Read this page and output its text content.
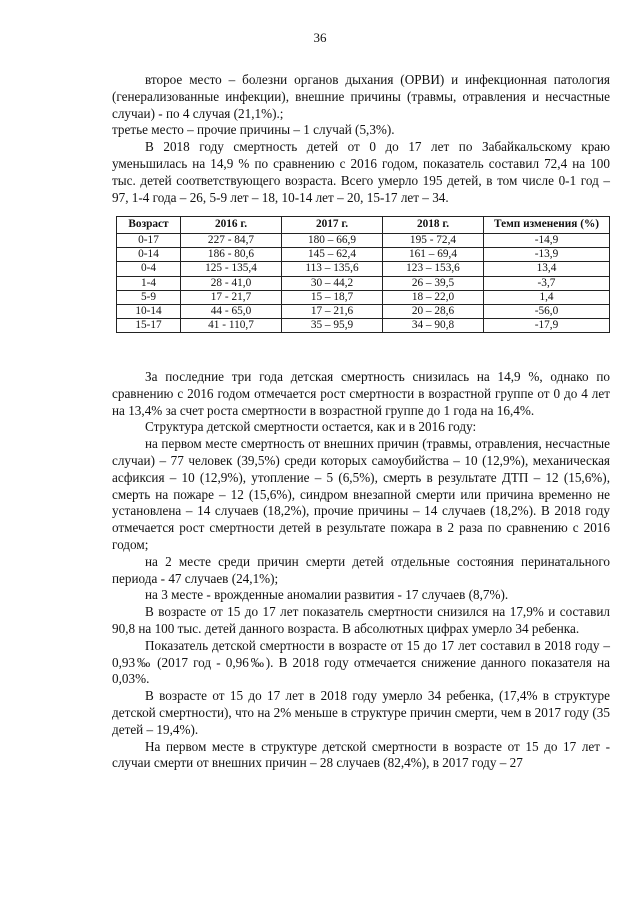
36

второе место – болезни органов дыхания (ОРВИ) и инфекционная патология (генерализованные инфекции), внешние причины (травмы, отравления и несчастные случаи) - по 4 случая (21,1%).;

третье место – прочие причины – 1 случай (5,3%).

В 2018 году смертность детей от 0 до 17 лет по Забайкальскому краю уменьшилась на 14,9 % по сравнению с 2016 годом, показатель составил 72,4 на 100 тыс. детей соответствующего возраста. Всего умерло 195 детей, в том числе 0-1 год – 97, 1-4 года – 26, 5-9 лет – 18, 10-14 лет – 20, 15-17 лет – 34.

Возраст	2016 г.	2017 г.	2018 г.	Темп изменения (%)
0-17	227 - 84,7	180 – 66,9	195 - 72,4	-14,9
0-14	186 - 80,6	145 – 62,4	161 – 69,4	-13,9
0-4	125 - 135,4	113 – 135,6	123 – 153,6	13,4
1-4	28 - 41,0	30 – 44,2	26 – 39,5	-3,7
5-9	17 - 21,7	15 – 18,7	18 – 22,0	1,4
10-14	44 - 65,0	17 – 21,6	20 – 28,6	-56,0
15-17	41 - 110,7	35 – 95,9	34 – 90,8	-17,9

За последние три года детская смертность снизилась на 14,9 %, однако по сравнению с 2016 годом отмечается рост смертности в возрастной группе от 0 до 4 лет на 13,4% за счет роста смертности в возрастной группе до 1 года на 16,4%.

Структура детской смертности остается, как и в 2016 году:

на первом месте смертность от внешних причин (травмы, отравления, несчастные случаи) – 77 человек (39,5%) среди которых самоубийства – 10 (12,9%), механическая асфиксия – 10 (12,9%), утопление – 5 (6,5%), смерть в результате ДТП – 12 (15,6%), смерть на пожаре – 12 (15,6%), синдром внезапной смерти или причина временно не установлена – 14 случаев (18,2%), прочие причины – 14 случаев (18,2%). В 2018 году отмечается рост смертности детей в результате пожара в 2 раза по сравнению с 2016 годом;

на 2 месте среди причин смерти детей отдельные состояния перинатального периода - 47 случаев (24,1%);

на 3 месте - врожденные аномалии развития - 17 случаев (8,7%).

В возрасте от 15 до 17 лет показатель смертности снизился на 17,9% и составил 90,8 на 100 тыс. детей данного возраста. В абсолютных цифрах умерло 34 ребенка.

Показатель детской смертности в возрасте от 15 до 17 лет составил в 2018 году – 0,93‰ (2017 год - 0,96‰). В 2018 году отмечается снижение данного показателя на 0,03%.

В возрасте от 15 до 17 лет в 2018 году умерло 34 ребенка, (17,4% в структуре детской смертности), что на 2% меньше в структуре причин смерти, чем в 2017 году (35 детей – 19,4%).

На первом месте в структуре детской смертности в возрасте от 15 до 17 лет - случаи смерти от внешних причин – 28 случаев (82,4%), в 2017 году – 27
